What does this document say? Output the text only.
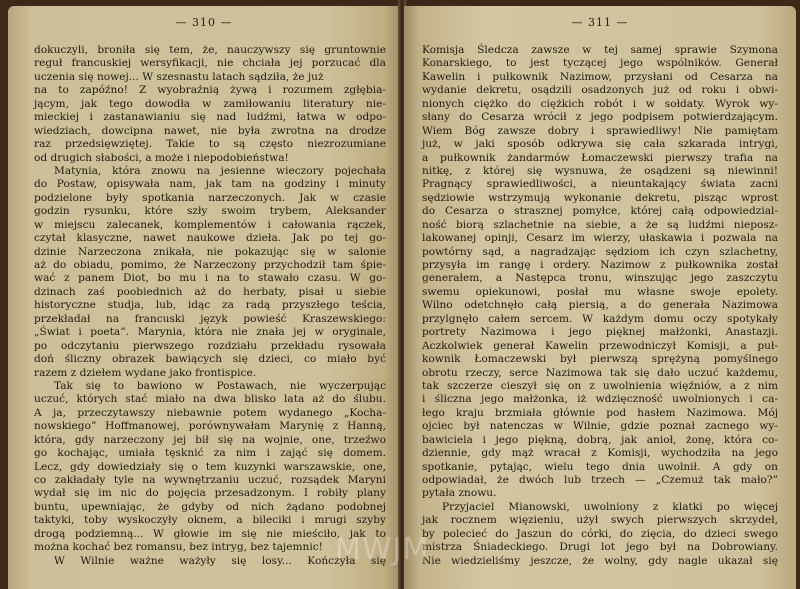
— 310 —
dokuczyli, broniła się tem, że, nauczywszy się gruntownie
reguł francuskiej wersyfikacji, nie chciała jej porzucać dla
uczenia się nowej... W szesnastu latach sądziła, że już
na to zapóźno! Z wyobraźnią żywą i rozumem zgłębia-
jącym, jak tego dowodła w zamiłowaniu literatury nie-
mieckiej i zastanawianiu się nad ludźmi, łatwa w odpo-
wiedziach, dowcipna nawet, nie była zwrotna na drodze
raz przedsięwziętej. Takie to są często niezrozumiane
od drugich słabości, a może i niepodobieństwa!
Matynia, która znowu na jesienne wieczory pojechała
do Postaw, opisywała nam, jak tam na godziny i minuty
podzielone były spotkania narzeczonych. Jak w czasie
godzin rysunku, które szły swoim trybem, Aleksander
w miejscu zalecanek, komplementów i całowania rączek,
czytał klasyczne, nawet naukowe dzieła. Jak po tej go-
dzinie Narzeczona znikała, nie pokazując się w salonie
aż do obiadu, pomimo, że Narzeczony przychodził tam śpie-
wać z panem Diot, bo mu i na to stawało czasu. W go-
dzinach zaś poobiednich aż do herbaty, pisał u siebie
historyczne studja, lub, idąc za radą przyszłego teścia,
przekładał na francuski język powieść Kraszewskiego:
„Świat i poeta”. Marynia, która nie znała jej w oryginale,
po odczytaniu pierwszego rozdziału przekładu rysowała
doń śliczny obrazek bawiących się dzieci, co miało być
razem z dziełem wydane jako frontispice.
Tak się to bawiono w Postawach, nie wyczerpując
uczuć, których stać miało na dwa blisko lata aż do ślubu.
A ja, przeczytawszy niebawnie potem wydanego „Kocha-
nowskiego” Hoffmanowej, porównywałam Marynię z Hanną,
która, gdy narzeczony jej bił się na wojnie, one, trzeźwo
go kochając, umiała tęsknić za nim i zająć się domem.
Lecz, gdy dowiedziały się o tem kuzynki warszawskie, one,
co zakładały tyle na wywnętrzaniu uczuć, rozsądek Maryni
wydał się im nic do pojęcia przesadzonym. I robiły plany
buntu, upewniając, że gdyby od nich żądano podobnej
taktyki, toby wyskoczyły oknem, a bileciki i mrugi szyby
drogą podziemną... W głowie im się nie mieściło, jak to
można kochać bez romansu, bez intryg, bez tajemnic!
W Wilnie ważne ważyły się losy... Kończyła się
— 311 —
Komisja Śledcza zawsze w tej samej sprawie Szymona
Konarskiego, to jest tyczącej jego wspólników. Generał
Kawelin i pułkownik Nazimow, przysłani od Cesarza na
wydanie dekretu, osądzili osadzonych już od roku i obwi-
nionych ciężko do ciężkich robót i w sołdaty. Wyrok wy-
słany do Cesarza wrócił z jego podpisem potwierdzającym.
Wiem Bóg zawsze dobry i sprawiedliwy! Nie pamiętam
już, w jaki sposób odkrywa się cała szkarada intrygi,
a pułkownik żandarmów Łomaczewski pierwszy trafia na
nitkę, z której się wysnuwa, że osądzeni są niewinni!
Pragnący sprawiedliwości, a nieuntakający świata zacni
sędziowie wstrzymują wykonanie dekretu, pisząc wprost
do Cesarza o strasznej pomyłce, której całą odpowiedzial-
ność biorą szlachetnie na siebie, a że są ludźmi nieposz-
lakowanej opinji, Cesarz im wierzy, ułaskawia i pozwala na
powtórny sąd, a nagradzając sędziom ich czyn szlachetny,
przysyła im rangę i ordery. Nazimow z pułkownika został
generałem, a Następca tronu, winszując jego zaszczytu
swemu opiekunowi, posłał mu własne swoje epolety.
Wilno odetchnęło całą piersią, a do generała Nazimowa
przylgnęło całem sercem. W każdym domu oczy spotykały
portrety Nazimowa i jego pięknej małżonki, Anastazji.
Aczkolwiek generał Kawelin przewodniczył Komisji, a puł-
kownik Łomaczewski był pierwszą sprężyną pomyślnego
obrotu rzeczy, serce Nazimowa tak się dało uczuć każdemu,
tak szczerze cieszył się on z uwolnienia więźniów, a z nim
i śliczna jego małżonka, iż wdzięczność uwolnionych i ca-
łego kraju brzmiała głównie pod hasłem Nazimowa. Mój
ojciec był natenczas w Wilnie, gdzie poznał zacnego wy-
bawiciela i jego piękną, dobrą, jak anioł, żonę, która co-
dziennie, gdy mąż wracał z Komisji, wychodziła na jego
spotkanie, pytając, wielu tego dnia uwolnił. A gdy on
odpowiadał, że dwóch lub trzech — „Czemuż tak mało?”
pytała znowu.
Przyjaciel Mianowski, uwolniony z klatki po więcej
jak rocznem więzieniu, użył swych pierwszych skrzydeł,
by polecieć do Jaszun do córki, do zięcia, do dzieci swego
mistrza Śniadeckiego. Drugi lot jego był na Dobrowiany.
Nie wiedzieliśmy jeszcze, że wolny, gdy nagle ukazał się
MWJM
